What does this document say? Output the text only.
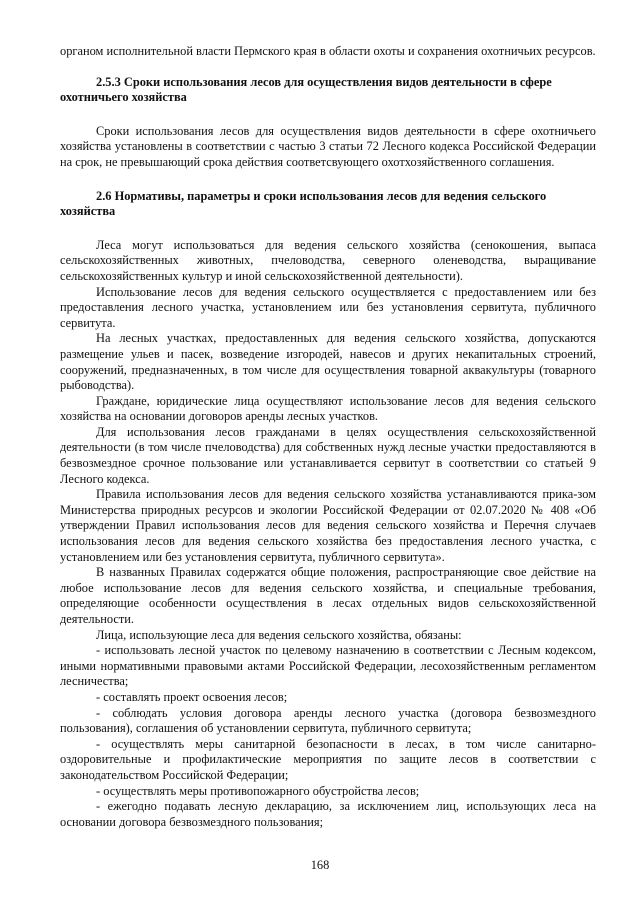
органом исполнительной власти Пермского края в области охоты и сохранения охотничьих ресурсов.

2.5.3 Сроки использования лесов для осуществления видов деятельности в сфере охотничьего хозяйства

Сроки использования лесов для осуществления видов деятельности в сфере охотничьего хозяйства установлены в соответствии с частью 3 статьи 72 Лесного кодекса Российской Федерации на срок, не превышающий срока действия соответсвующего охотхозяйственного соглашения.

2.6 Нормативы, параметры и сроки использования лесов для ведения сельского хозяйства

Леса могут использоваться для ведения сельского хозяйства (сенокошения, выпаса сельскохозяйственных животных, пчеловодства, северного оленеводства, выращивание сельскохозяйственных культур и иной сельскохозяйственной деятельности).

Использование лесов для ведения сельского осуществляется с предоставлением или без предоставления лесного участка, установлением или без установления сервитута, публичного сервитута.

На лесных участках, предоставленных для ведения сельского хозяйства, допускаются размещение ульев и пасек, возведение изгородей, навесов и других некапитальных строений, сооружений, предназначенных, в том числе для осуществления товарной аквакультуры (товарного рыбоводства).

Граждане, юридические лица осуществляют использование лесов для ведения сельского хозяйства на основании договоров аренды лесных участков.

Для использования лесов гражданами в целях осуществления сельскохозяйственной деятельности (в том числе пчеловодства) для собственных нужд лесные участки предоставляются в безвозмездное срочное пользование или устанавливается сервитут в соответствии со статьей 9 Лесного кодекса.

Правила использования лесов для ведения сельского хозяйства устанавливаются прика-зом Министерства природных ресурсов и экологии Российской Федерации от 02.07.2020 № 408 «Об утверждении Правил использования лесов для ведения сельского хозяйства и Перечня случаев использования лесов для ведения сельского хозяйства без предоставления лесного участка, с установлением или без установления сервитута, публичного сервитута».

В названных Правилах содержатся общие положения, распространяющие свое действие на любое использование лесов для ведения сельского хозяйства, и специальные требования, определяющие особенности осуществления в лесах отдельных видов сельскохозяйственной деятельности.

Лица, использующие леса для ведения сельского хозяйства, обязаны:

- использовать лесной участок по целевому назначению в соответствии с Лесным кодексом, иными нормативными правовыми актами Российской Федерации, лесохозяйственным регламентом лесничества;

- составлять проект освоения лесов;

- соблюдать условия договора аренды лесного участка (договора безвозмездного пользования), соглашения об установлении сервитута, публичного сервитута;

- осуществлять меры санитарной безопасности в лесах, в том числе санитарно-оздоровительные и профилактические мероприятия по защите лесов в соответствии с законодательством Российской Федерации;

- осуществлять меры противопожарного обустройства лесов;

- ежегодно подавать лесную декларацию, за исключением лиц, использующих леса на основании договора безвозмездного пользования;

168
